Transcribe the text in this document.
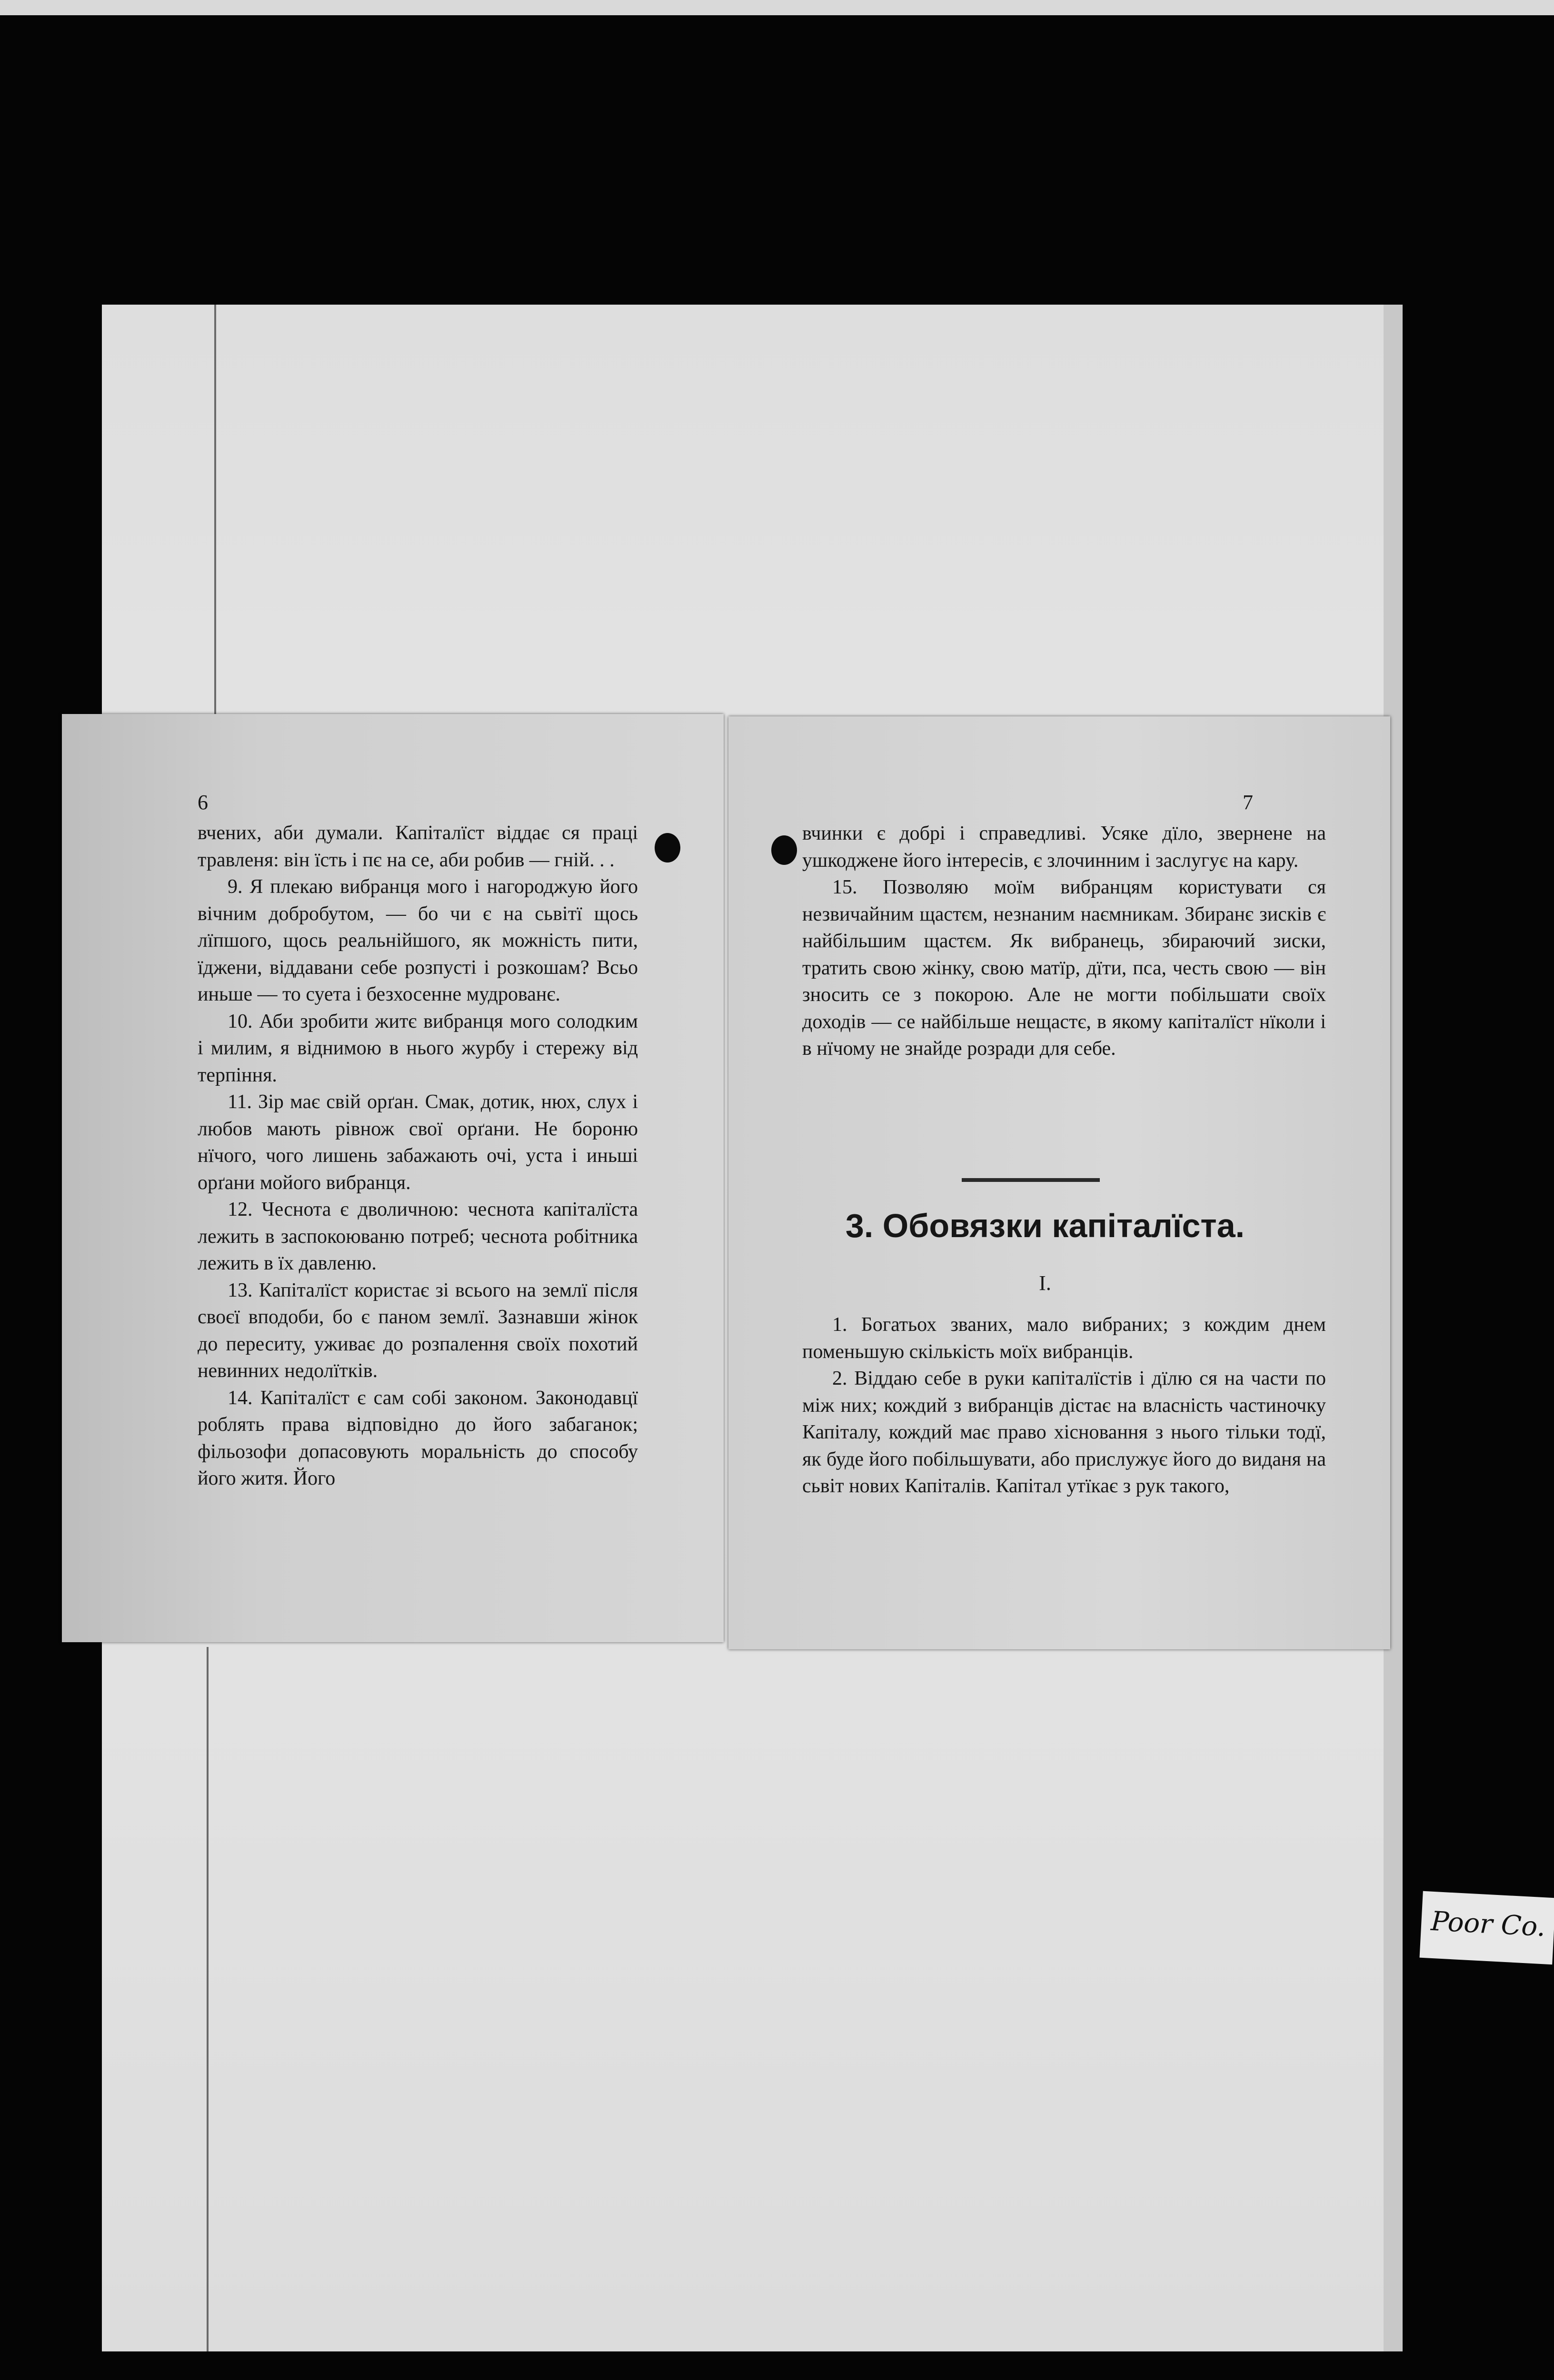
6

вчених, аби думали. Капіталїст віддає ся праці травленя: він їсть і пє на се, аби робив — гній. . .

9. Я плекаю вибранця мого і нагороджую його вічним добробутом, — бо чи є на сьвітї щось лїпшого, щось реальнійшого, як можність пити, їджени, віддавани себе розпусті і розкошам? Всьо иньше — то суета і безхосенне мудрованє.

10. Аби зробити житє вибранця мого солодким і милим, я віднимою в нього журбу і стережу від терпіння.

11. Зір має свій орґан. Смак, дотик, нюх, слух і любов мають рівнож свої орґани. Не бороню нїчого, чого лишень забажають очі, уста і иньші орґани мойого вибранця.

12. Чеснота є дволичною: чеснота капіталїста лежить в заспокоюваню потреб; чеснота робітника лежить в їх давленю.

13. Капіталїст користає зі всього на землї після своєї вподоби, бо є паном землї. Зазнавши жінок до переситу, уживає до розпалення своїх похотий невинних недолїтків.

14. Капіталїст є сам собі законом. Законодавцї роблять права відповідно до його забаганок; фільозофи допасовують моральність до способу його житя. Його

7

вчинки є добрі і справедливі. Усяке дїло, звернене на ушкоджене його інтересів, є злочинним і заслугує на кару.

15. Позволяю моїм вибранцям користувати ся незвичайним щастєм, незнаним наємникам. Збиранє зисків є найбільшим щастєм. Як вибранець, збираючий зиски, тратить свою жінку, свою матїр, дїти, пса, честь свою — він зносить се з покорою. Але не могти побільшати своїх доходів — се найбільше нещастє, в якому капіталїст нїколи і в нїчому не знайде розради для себе.

3. Обовязки капіталїста.
I.

1. Богатьох званих, мало вибраних; з кождим днем поменьшую скількість моїх вибранців.

2. Віддаю себе в руки капіталїстів і дїлю ся на части по між них; кождий з вибранців дістає на власність частиночку Капіталу, кождий має право хісновання з нього тільки тодї, як буде його побільшувати, або прислужує його до виданя на сьвіт нових Капіталів. Капітал утїкає з рук такого,

Poor Co.
